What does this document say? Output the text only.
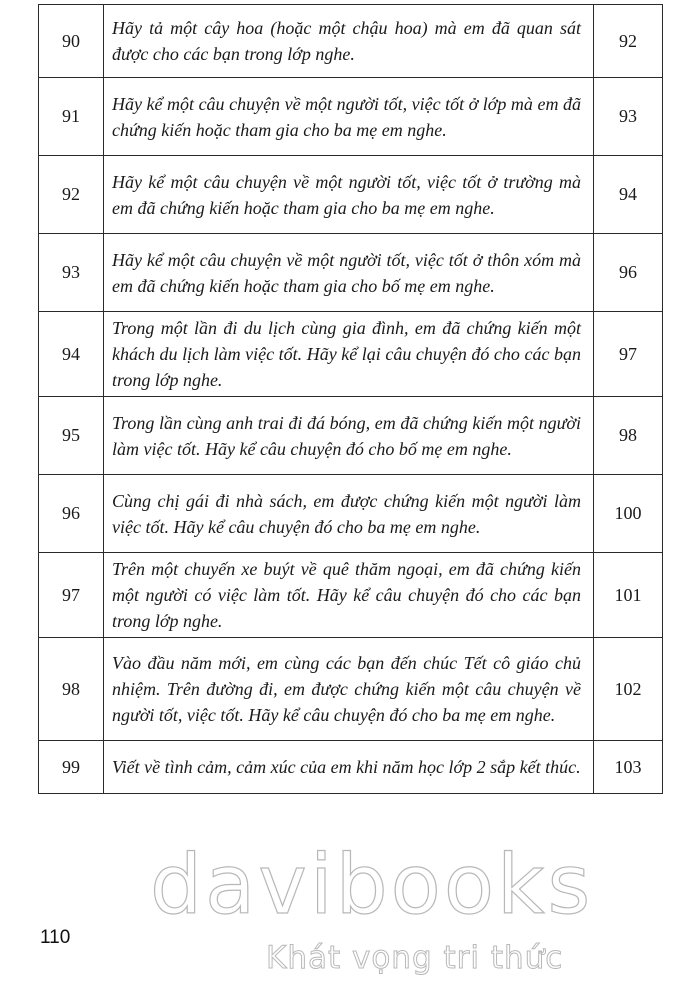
90	Hãy tả một cây hoa (hoặc một chậu hoa) mà em đã quan sát được cho các bạn trong lớp nghe.	92
91	Hãy kể một câu chuyện về một người tốt, việc tốt ở lớp mà em đã chứng kiến hoặc tham gia cho ba mẹ em nghe.	93
92	Hãy kể một câu chuyện về một người tốt, việc tốt ở trường mà em đã chứng kiến hoặc tham gia cho ba mẹ em nghe.	94
93	Hãy kể một câu chuyện về một người tốt, việc tốt ở thôn xóm mà em đã chứng kiến hoặc tham gia cho bố mẹ em nghe.	96
94	Trong một lần đi du lịch cùng gia đình, em đã chứng kiến một khách du lịch làm việc tốt. Hãy kể lại câu chuyện đó cho các bạn trong lớp nghe.	97
95	Trong lần cùng anh trai đi đá bóng, em đã chứng kiến một người làm việc tốt. Hãy kể câu chuyện đó cho bố mẹ em nghe.	98
96	Cùng chị gái đi nhà sách, em được chứng kiến một người làm việc tốt. Hãy kể câu chuyện đó cho ba mẹ em nghe.	100
97	Trên một chuyến xe buýt về quê thăm ngoại, em đã chứng kiến một người có việc làm tốt. Hãy kể câu chuyện đó cho các bạn trong lớp nghe.	101
98	Vào đầu năm mới, em cùng các bạn đến chúc Tết cô giáo chủ nhiệm. Trên đường đi, em được chứng kiến một câu chuyện về người tốt, việc tốt. Hãy kể câu chuyện đó cho ba mẹ em nghe.	102
99	Viết về tình cảm, cảm xúc của em khi năm học lớp 2 sắp kết thúc.	103
110
davibooks
Khát vọng tri thức
